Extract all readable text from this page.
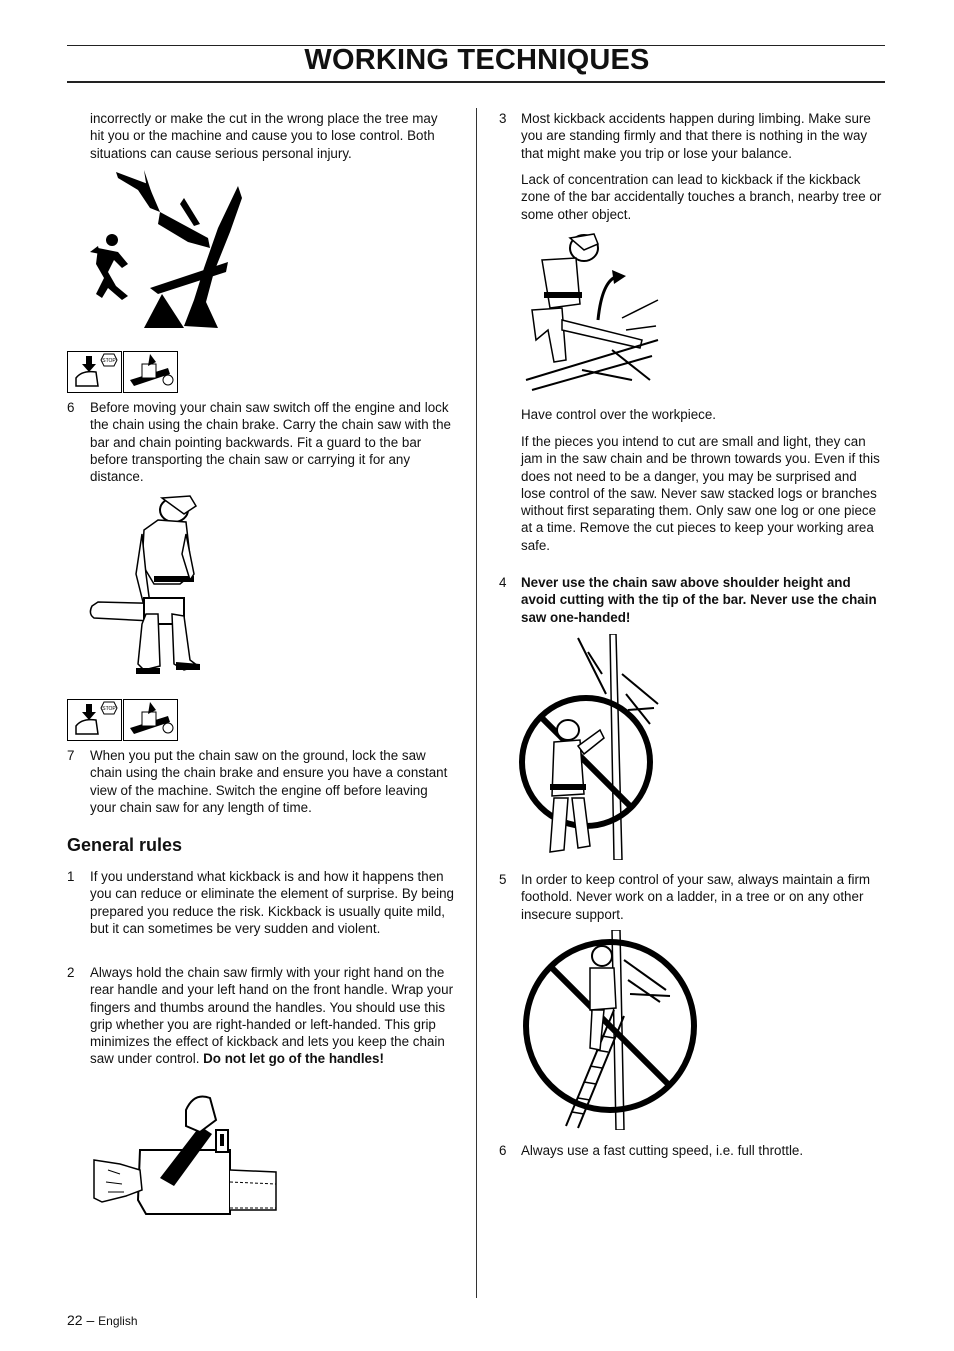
WORKING TECHNIQUES
incorrectly or make the cut in the wrong place the tree may hit you or the machine and cause you to lose control. Both situations can cause serious personal injury.
STOP
6 Before moving your chain saw switch off the engine and lock the chain using the chain brake. Carry the chain saw with the bar and chain pointing backwards. Fit a guard to the bar before transporting the chain saw or carrying it for any distance.
STOP
7 When you put the chain saw on the ground, lock the saw chain using the chain brake and ensure you have a constant view of the machine. Switch the engine off before leaving your chain saw for any length of time.
General rules
1 If you understand what kickback is and how it happens then you can reduce or eliminate the element of surprise. By being prepared you reduce the risk. Kickback is usually quite mild, but it can sometimes be very sudden and violent.
2 Always hold the chain saw firmly with your right hand on the rear handle and your left hand on the front handle. Wrap your fingers and thumbs around the handles. You should use this grip whether you are right-handed or left-handed. This grip minimizes the effect of kickback and lets you keep the chain saw under control. Do not let go of the handles!
3 Most kickback accidents happen during limbing. Make sure you are standing firmly and that there is nothing in the way that might make you trip or lose your balance.
Lack of concentration can lead to kickback if the kickback zone of the bar accidentally touches a branch, nearby tree or some other object.
Have control over the workpiece.
If the pieces you intend to cut are small and light, they can jam in the saw chain and be thrown towards you. Even if this does not need to be a danger, you may be surprised and lose control of the saw. Never saw stacked logs or branches without first separating them. Only saw one log or one piece at a time. Remove the cut pieces to keep your working area safe.
4 Never use the chain saw above shoulder height and avoid cutting with the tip of the bar. Never use the chain saw one-handed!
5 In order to keep control of your saw, always maintain a firm foothold. Never work on a ladder, in a tree or on any other insecure support.
6 Always use a fast cutting speed, i.e. full throttle.
22 – English
